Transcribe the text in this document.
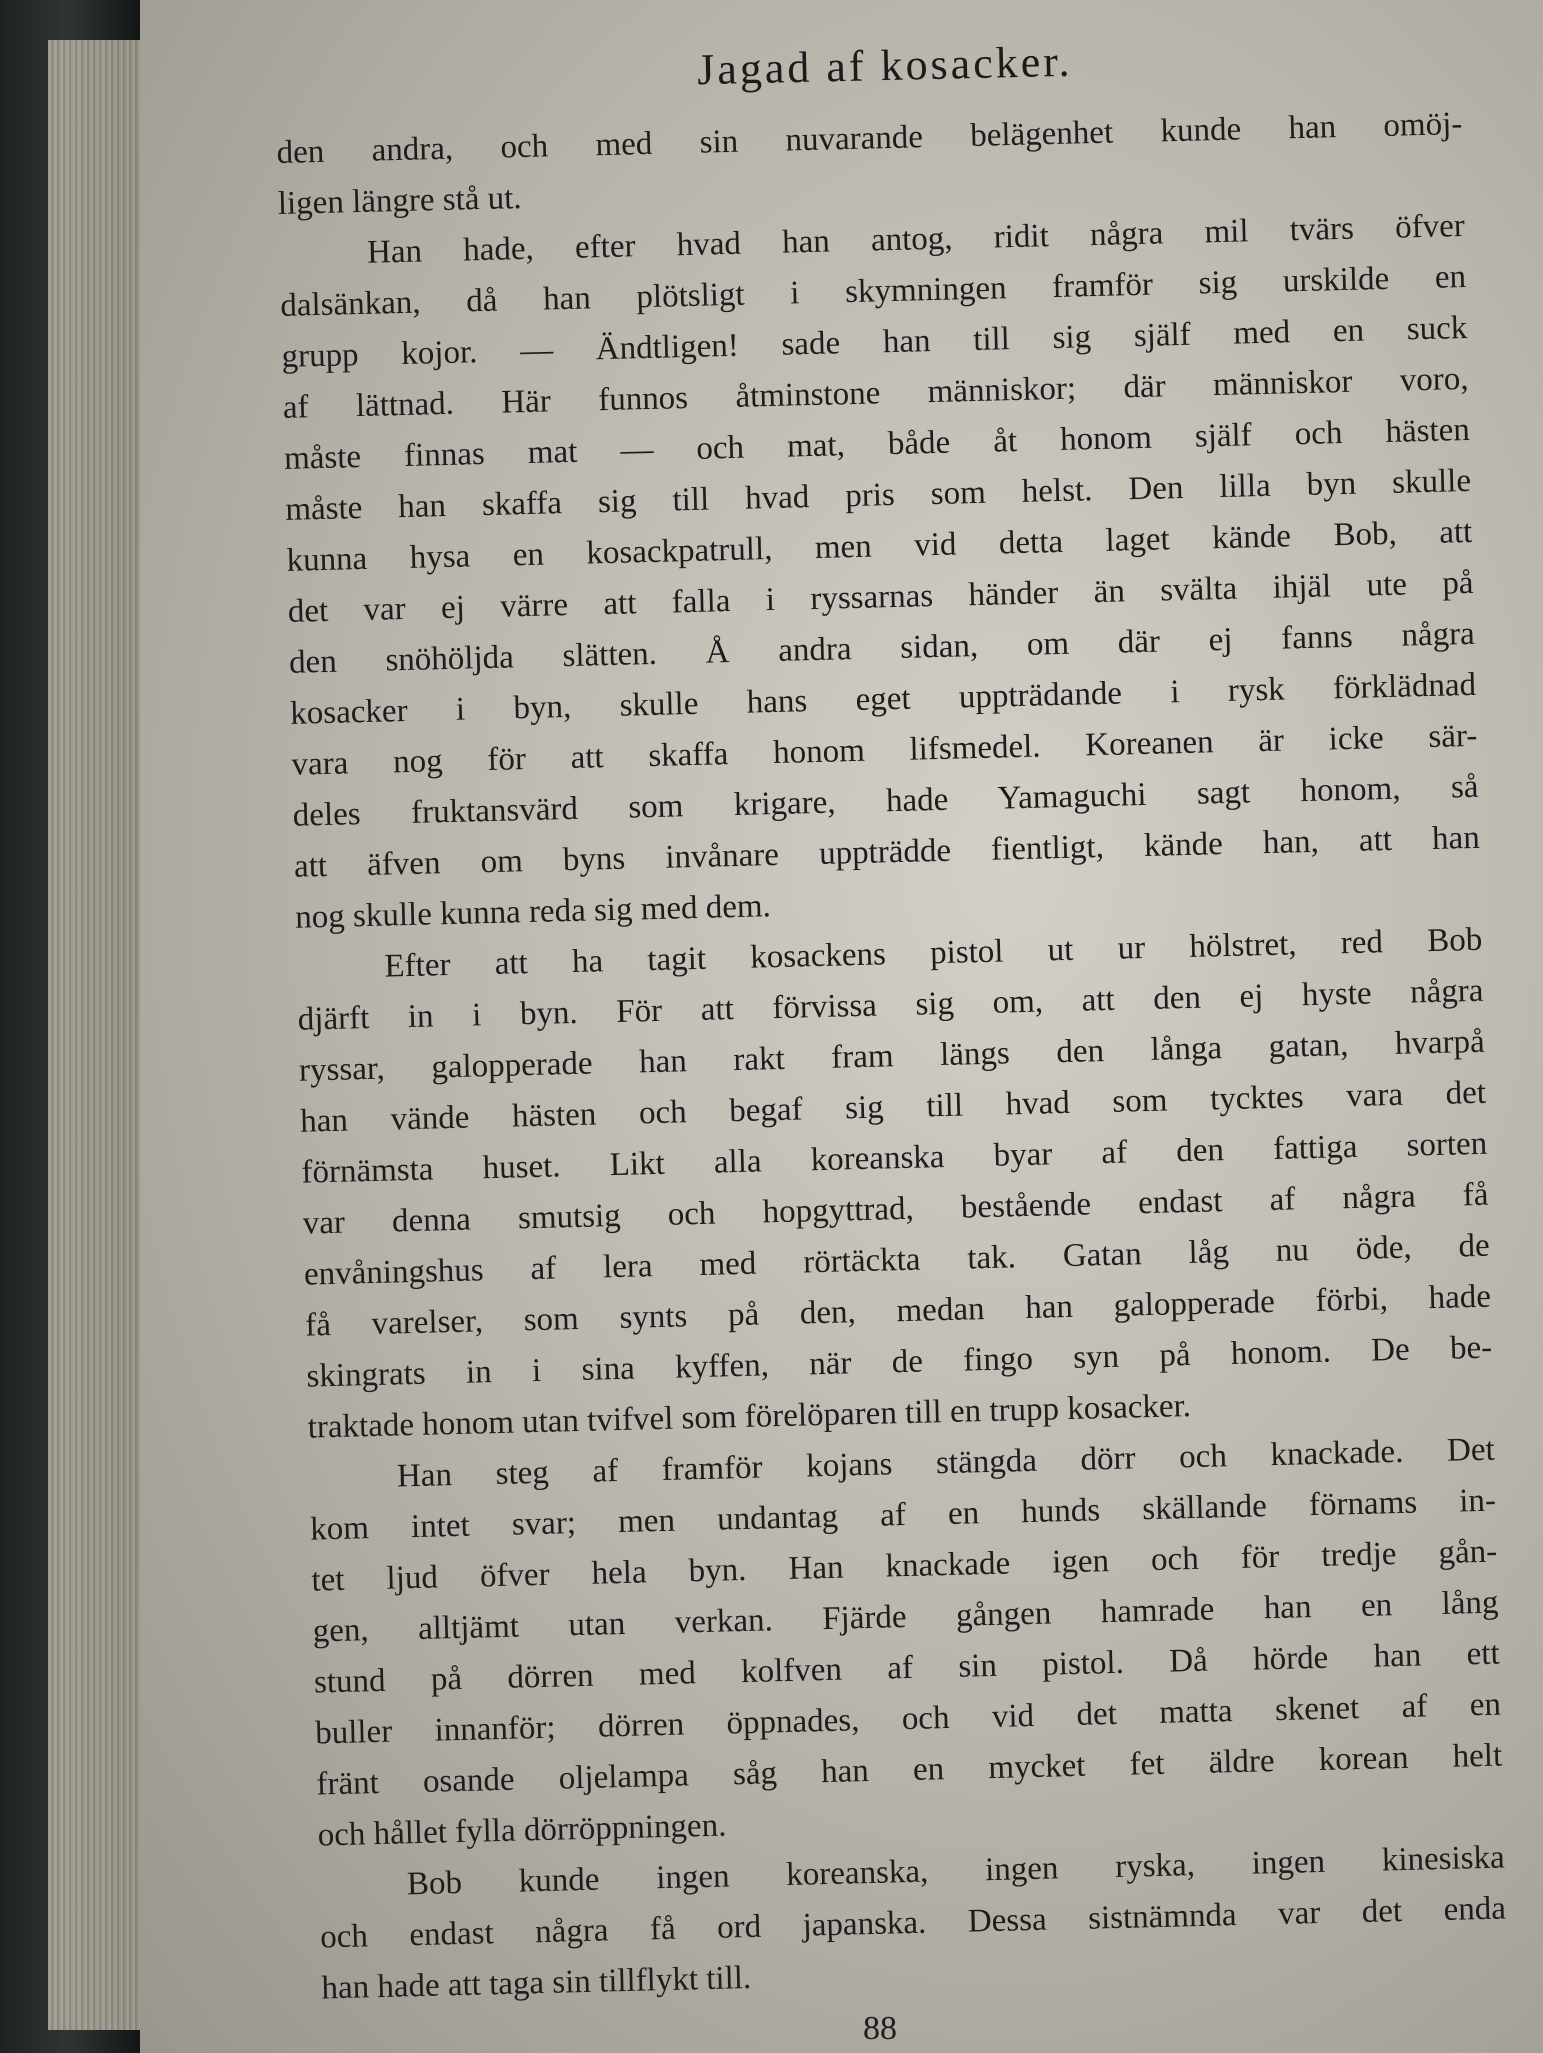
Jagad af kosacker.
den andra, och med sin nuvarande belägenhet kunde han omöj-
ligen längre stå ut.
Han hade, efter hvad han antog, ridit några mil tvärs öfver
dalsänkan, då han plötsligt i skymningen framför sig urskilde en
grupp kojor. — Ändtligen! sade han till sig själf med en suck
af lättnad. Här funnos åtminstone människor; där människor voro,
måste finnas mat — och mat, både åt honom själf och hästen
måste han skaffa sig till hvad pris som helst. Den lilla byn skulle
kunna hysa en kosackpatrull, men vid detta laget kände Bob, att
det var ej värre att falla i ryssarnas händer än svälta ihjäl ute på
den snöhöljda slätten. Å andra sidan, om där ej fanns några
kosacker i byn, skulle hans eget uppträdande i rysk förklädnad
vara nog för att skaffa honom lifsmedel. Koreanen är icke sär-
deles fruktansvärd som krigare, hade Yamaguchi sagt honom, så
att äfven om byns invånare uppträdde fientligt, kände han, att han
nog skulle kunna reda sig med dem.
Efter att ha tagit kosackens pistol ut ur hölstret, red Bob
djärft in i byn. För att förvissa sig om, att den ej hyste några
ryssar, galopperade han rakt fram längs den långa gatan, hvarpå
han vände hästen och begaf sig till hvad som tycktes vara det
förnämsta huset. Likt alla koreanska byar af den fattiga sorten
var denna smutsig och hopgyttrad, bestående endast af några få
envåningshus af lera med rörtäckta tak. Gatan låg nu öde, de
få varelser, som synts på den, medan han galopperade förbi, hade
skingrats in i sina kyffen, när de fingo syn på honom. De be-
traktade honom utan tvifvel som förelöparen till en trupp kosacker.
Han steg af framför kojans stängda dörr och knackade. Det
kom intet svar; men undantag af en hunds skällande förnams in-
tet ljud öfver hela byn. Han knackade igen och för tredje gån-
gen, alltjämt utan verkan. Fjärde gången hamrade han en lång
stund på dörren med kolfven af sin pistol. Då hörde han ett
buller innanför; dörren öppnades, och vid det matta skenet af en
fränt osande oljelampa såg han en mycket fet äldre korean helt
och hållet fylla dörröppningen.
Bob kunde ingen koreanska, ingen ryska, ingen kinesiska
och endast några få ord japanska. Dessa sistnämnda var det enda
han hade att taga sin tillflykt till.
88
